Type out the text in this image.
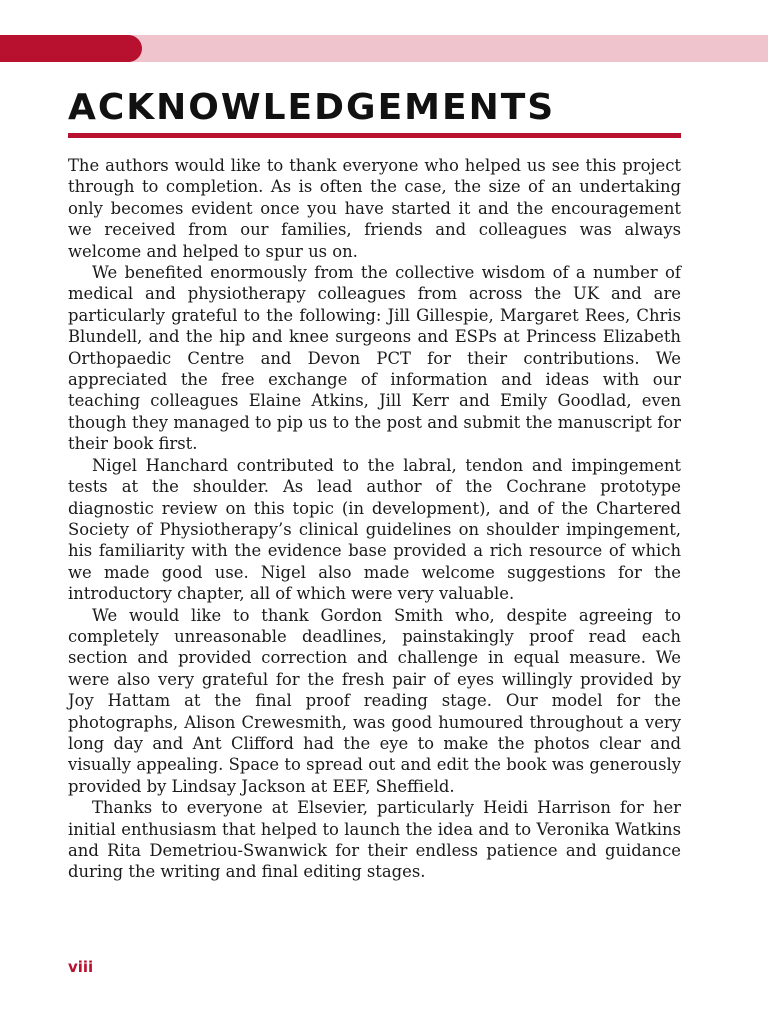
ACKNOWLEDGEMENTS

The authors would like to thank everyone who helped us see this project through to completion. As is often the case, the size of an undertaking only becomes evident once you have started it and the encouragement we received from our families, friends and colleagues was always welcome and helped to spur us on.

We benefited enormously from the collective wisdom of a number of medical and physiotherapy colleagues from across the UK and are particularly grateful to the following: Jill Gillespie, Margaret Rees, Chris Blundell, and the hip and knee surgeons and ESPs at Princess Elizabeth Orthopaedic Centre and Devon PCT for their contributions. We appreciated the free exchange of information and ideas with our teaching colleagues Elaine Atkins, Jill Kerr and Emily Goodlad, even though they managed to pip us to the post and submit the manuscript for their book first.

Nigel Hanchard contributed to the labral, tendon and impingement tests at the shoulder. As lead author of the Cochrane prototype diagnostic review on this topic (in development), and of the Chartered Society of Physiotherapy’s clinical guidelines on shoulder impingement, his familiarity with the evidence base provided a rich resource of which we made good use. Nigel also made welcome suggestions for the introductory chapter, all of which were very valuable.

We would like to thank Gordon Smith who, despite agreeing to completely unreasonable deadlines, painstakingly proof read each section and provided correction and challenge in equal measure. We were also very grateful for the fresh pair of eyes willingly provided by Joy Hattam at the final proof reading stage. Our model for the photographs, Alison Crewesmith, was good humoured throughout a very long day and Ant Clifford had the eye to make the photos clear and visually appealing. Space to spread out and edit the book was generously provided by Lindsay Jackson at EEF, Sheffield.

Thanks to everyone at Elsevier, particularly Heidi Harrison for her initial enthusiasm that helped to launch the idea and to Veronika Watkins and Rita Demetriou-Swanwick for their endless patience and guidance during the writing and final editing stages.

viii
